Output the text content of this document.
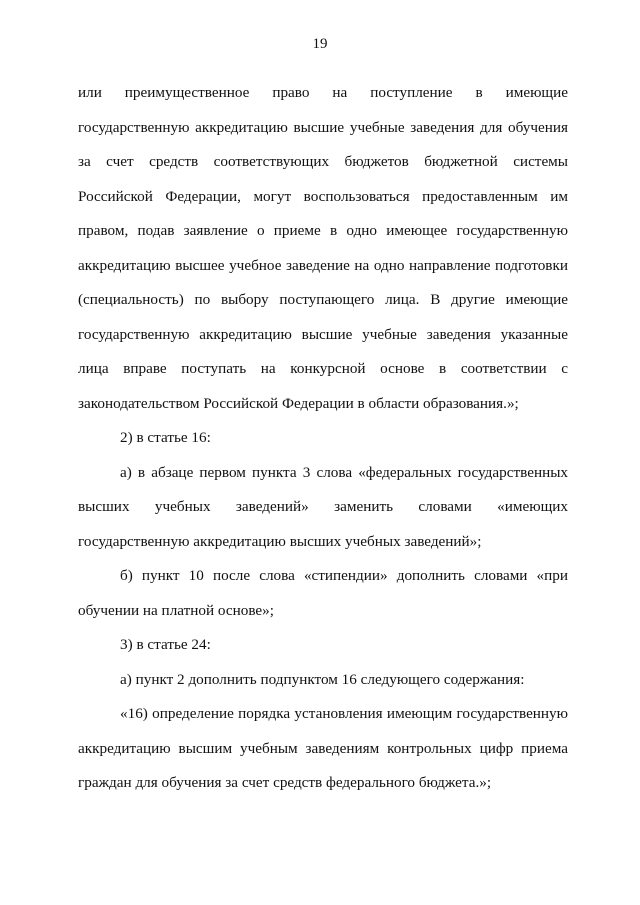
19

или преимущественное право на поступление в имеющие государственную аккредитацию высшие учебные заведения для обучения за счет средств соответствующих бюджетов бюджетной системы Российской Федерации, могут воспользоваться предоставленным им правом, подав заявление о приеме в одно имеющее государственную аккредитацию высшее учебное заведение на одно направление подготовки (специальность) по выбору поступающего лица. В другие имеющие государственную аккредитацию высшие учебные заведения указанные лица вправе поступать на конкурсной основе в соответствии с законодательством Российской Федерации в области образования.»;

2) в статье 16:

а) в абзаце первом пункта 3 слова «федеральных государственных высших учебных заведений» заменить словами «имеющих государственную аккредитацию высших учебных заведений»;

б) пункт 10 после слова «стипендии» дополнить словами «при обучении на платной основе»;

3) в статье 24:

а) пункт 2 дополнить подпунктом 16 следующего содержания:

«16) определение порядка установления имеющим государственную аккредитацию высшим учебным заведениям контрольных цифр приема граждан для обучения за счет средств федерального бюджета.»;
